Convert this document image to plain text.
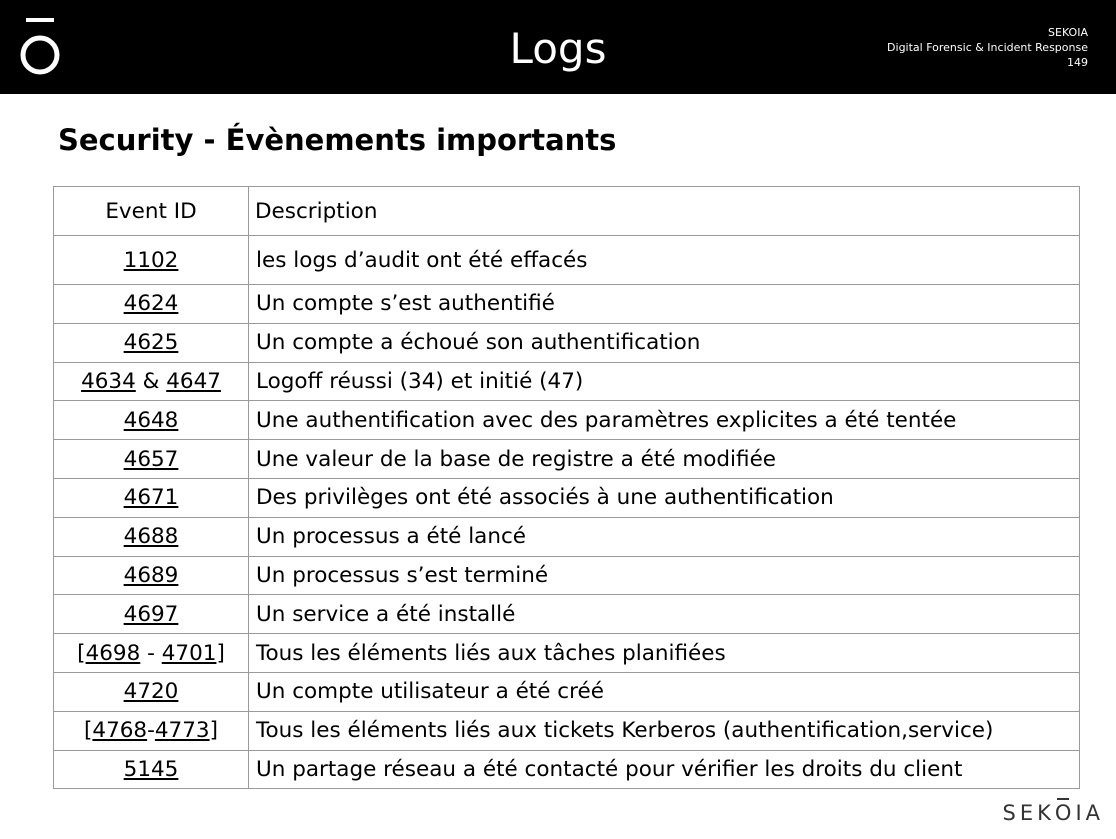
Logs	SEKOIA
Digital Forensic & Incident Response
149
Security - Évènements importants
Event ID	Description
1102	les logs d’audit ont été effacés
4624	Un compte s’est authentifié
4625	Un compte a échoué son authentification
4634 & 4647	Logoff réussi (34) et initié (47)
4648	Une authentification avec des paramètres explicites a été tentée
4657	Une valeur de la base de registre a été modifiée
4671	Des privilèges ont été associés à une authentification
4688	Un processus a été lancé
4689	Un processus s’est terminé
4697	Un service a été installé
[4698 - 4701]	Tous les éléments liés aux tâches planifiées
4720	Un compte utilisateur a été créé
[4768-4773]	Tous les éléments liés aux tickets Kerberos (authentification,service)
5145	Un partage réseau a été contacté pour vérifier les droits du client
SEKOIA
